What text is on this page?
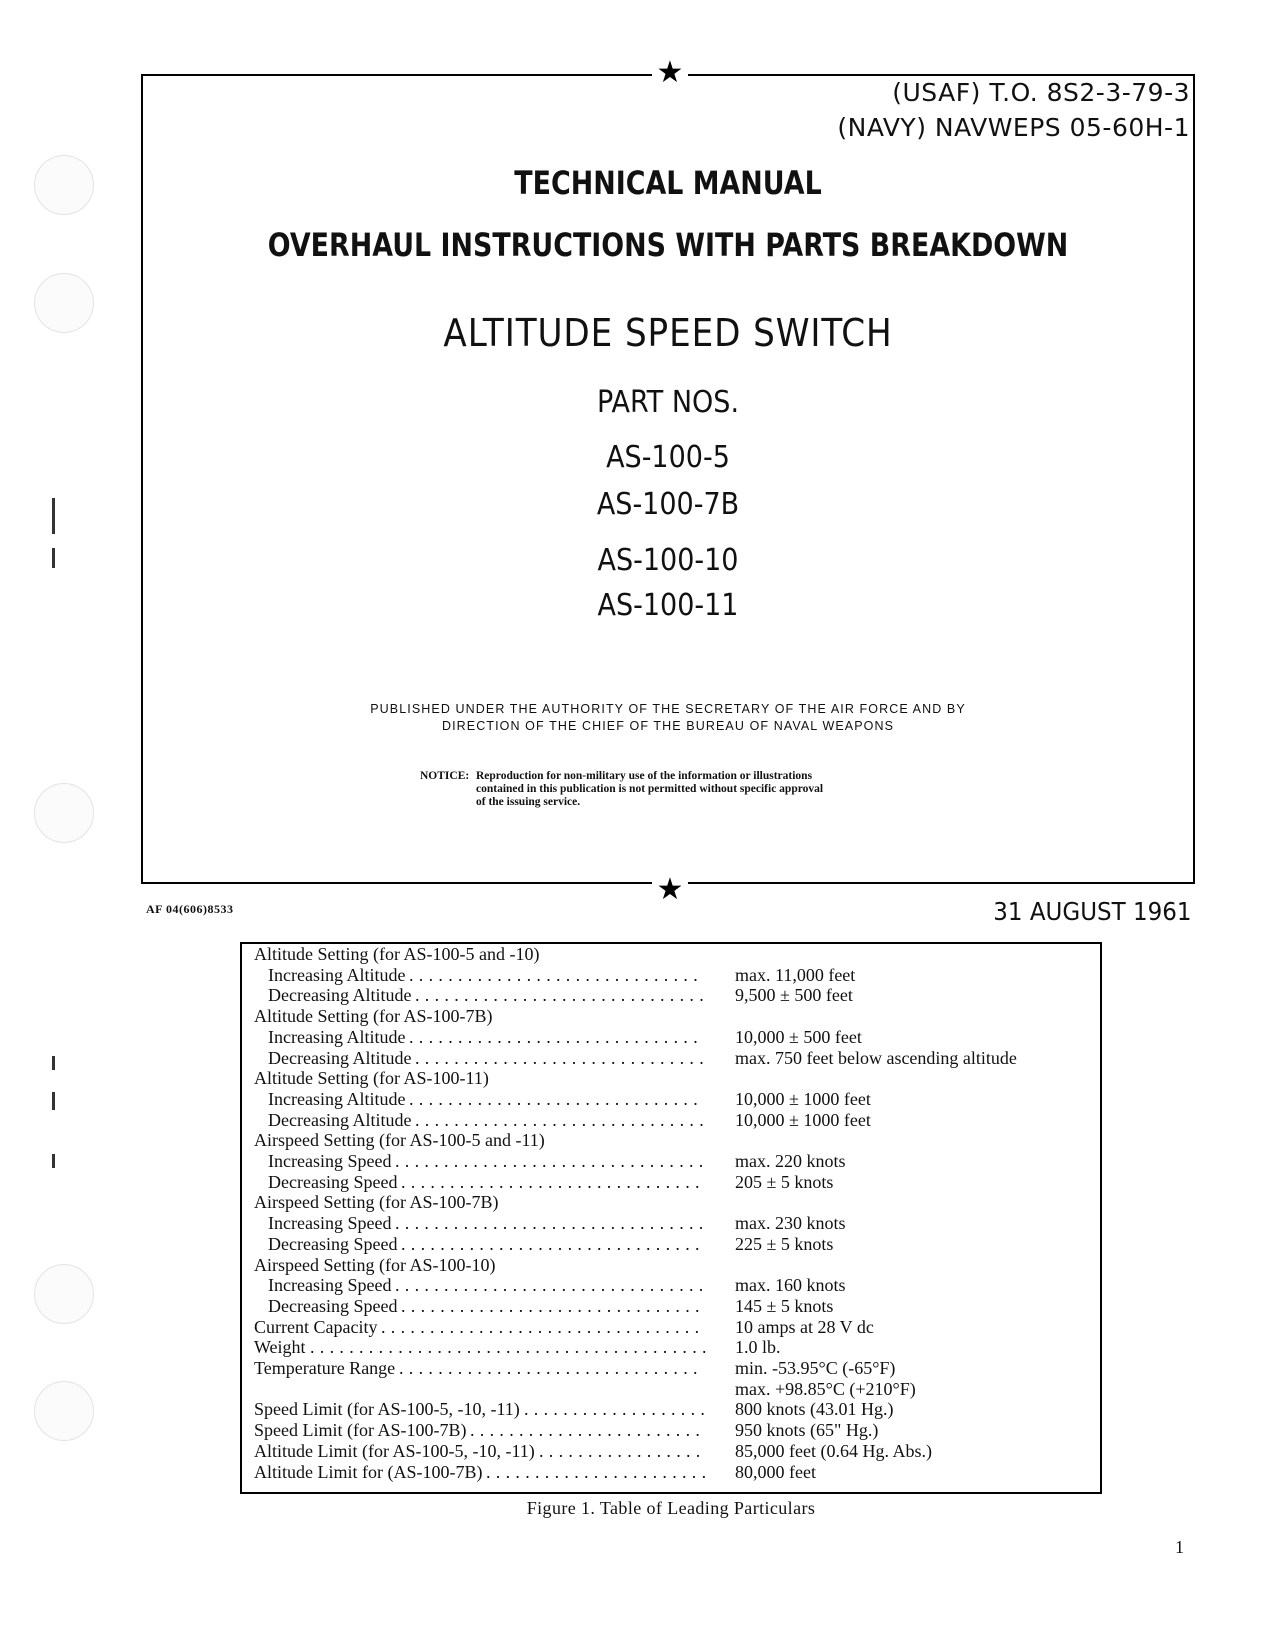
★
★
(USAF) T.O. 8S2-3-79-3
(NAVY) NAVWEPS 05-60H-1
TECHNICAL MANUAL
OVERHAUL INSTRUCTIONS WITH PARTS BREAKDOWN
ALTITUDE SPEED SWITCH
PART NOS.
AS-100-5
AS-100-7B
AS-100-10
AS-100-11
PUBLISHED UNDER THE AUTHORITY OF THE SECRETARY OF THE AIR FORCE AND BY
DIRECTION OF THE CHIEF OF THE BUREAU OF NAVAL WEAPONS
NOTICE: Reproduction for non-military use of the information or illustrations
contained in this publication is not permitted without specific approval
of the issuing service.
AF 04(606)8533	31 AUGUST 1961
Altitude Setting (for AS-100-5 and -10)
Increasing Altitude	max. 11,000 feet
..............................
Decreasing Altitude	9,500 ± 500 feet
..............................
Altitude Setting (for AS-100-7B)
Increasing Altitude	10,000 ± 500 feet
..............................
Decreasing Altitude	max. 750 feet below ascending altitude
..............................
Altitude Setting (for AS-100-11)
Increasing Altitude	10,000 ± 1000 feet
..............................
Decreasing Altitude	10,000 ± 1000 feet
..............................
Airspeed Setting (for AS-100-5 and -11)
Increasing Speed	max. 220 knots
................................
Decreasing Speed	205 ± 5 knots
...............................
Airspeed Setting (for AS-100-7B)
Increasing Speed	max. 230 knots
................................
Decreasing Speed	225 ± 5 knots
...............................
Airspeed Setting (for AS-100-10)
Increasing Speed	max. 160 knots
................................
Decreasing Speed	145 ± 5 knots
...............................
Current Capacity	10 amps at 28 V dc
.................................
Weight	1.0 lb.
.........................................
Temperature Range	min. -53.95°C (-65°F)
...............................
max. +98.85°C (+210°F)
Speed Limit (for AS-100-5, -10, -11)	800 knots (43.01 Hg.)
...................
Speed Limit (for AS-100-7B)	950 knots (65" Hg.)
........................
Altitude Limit (for AS-100-5, -10, -11)	85,000 feet (0.64 Hg. Abs.)
.................
Altitude Limit for (AS-100-7B)	80,000 feet
.......................
Figure 1. Table of Leading Particulars
1
